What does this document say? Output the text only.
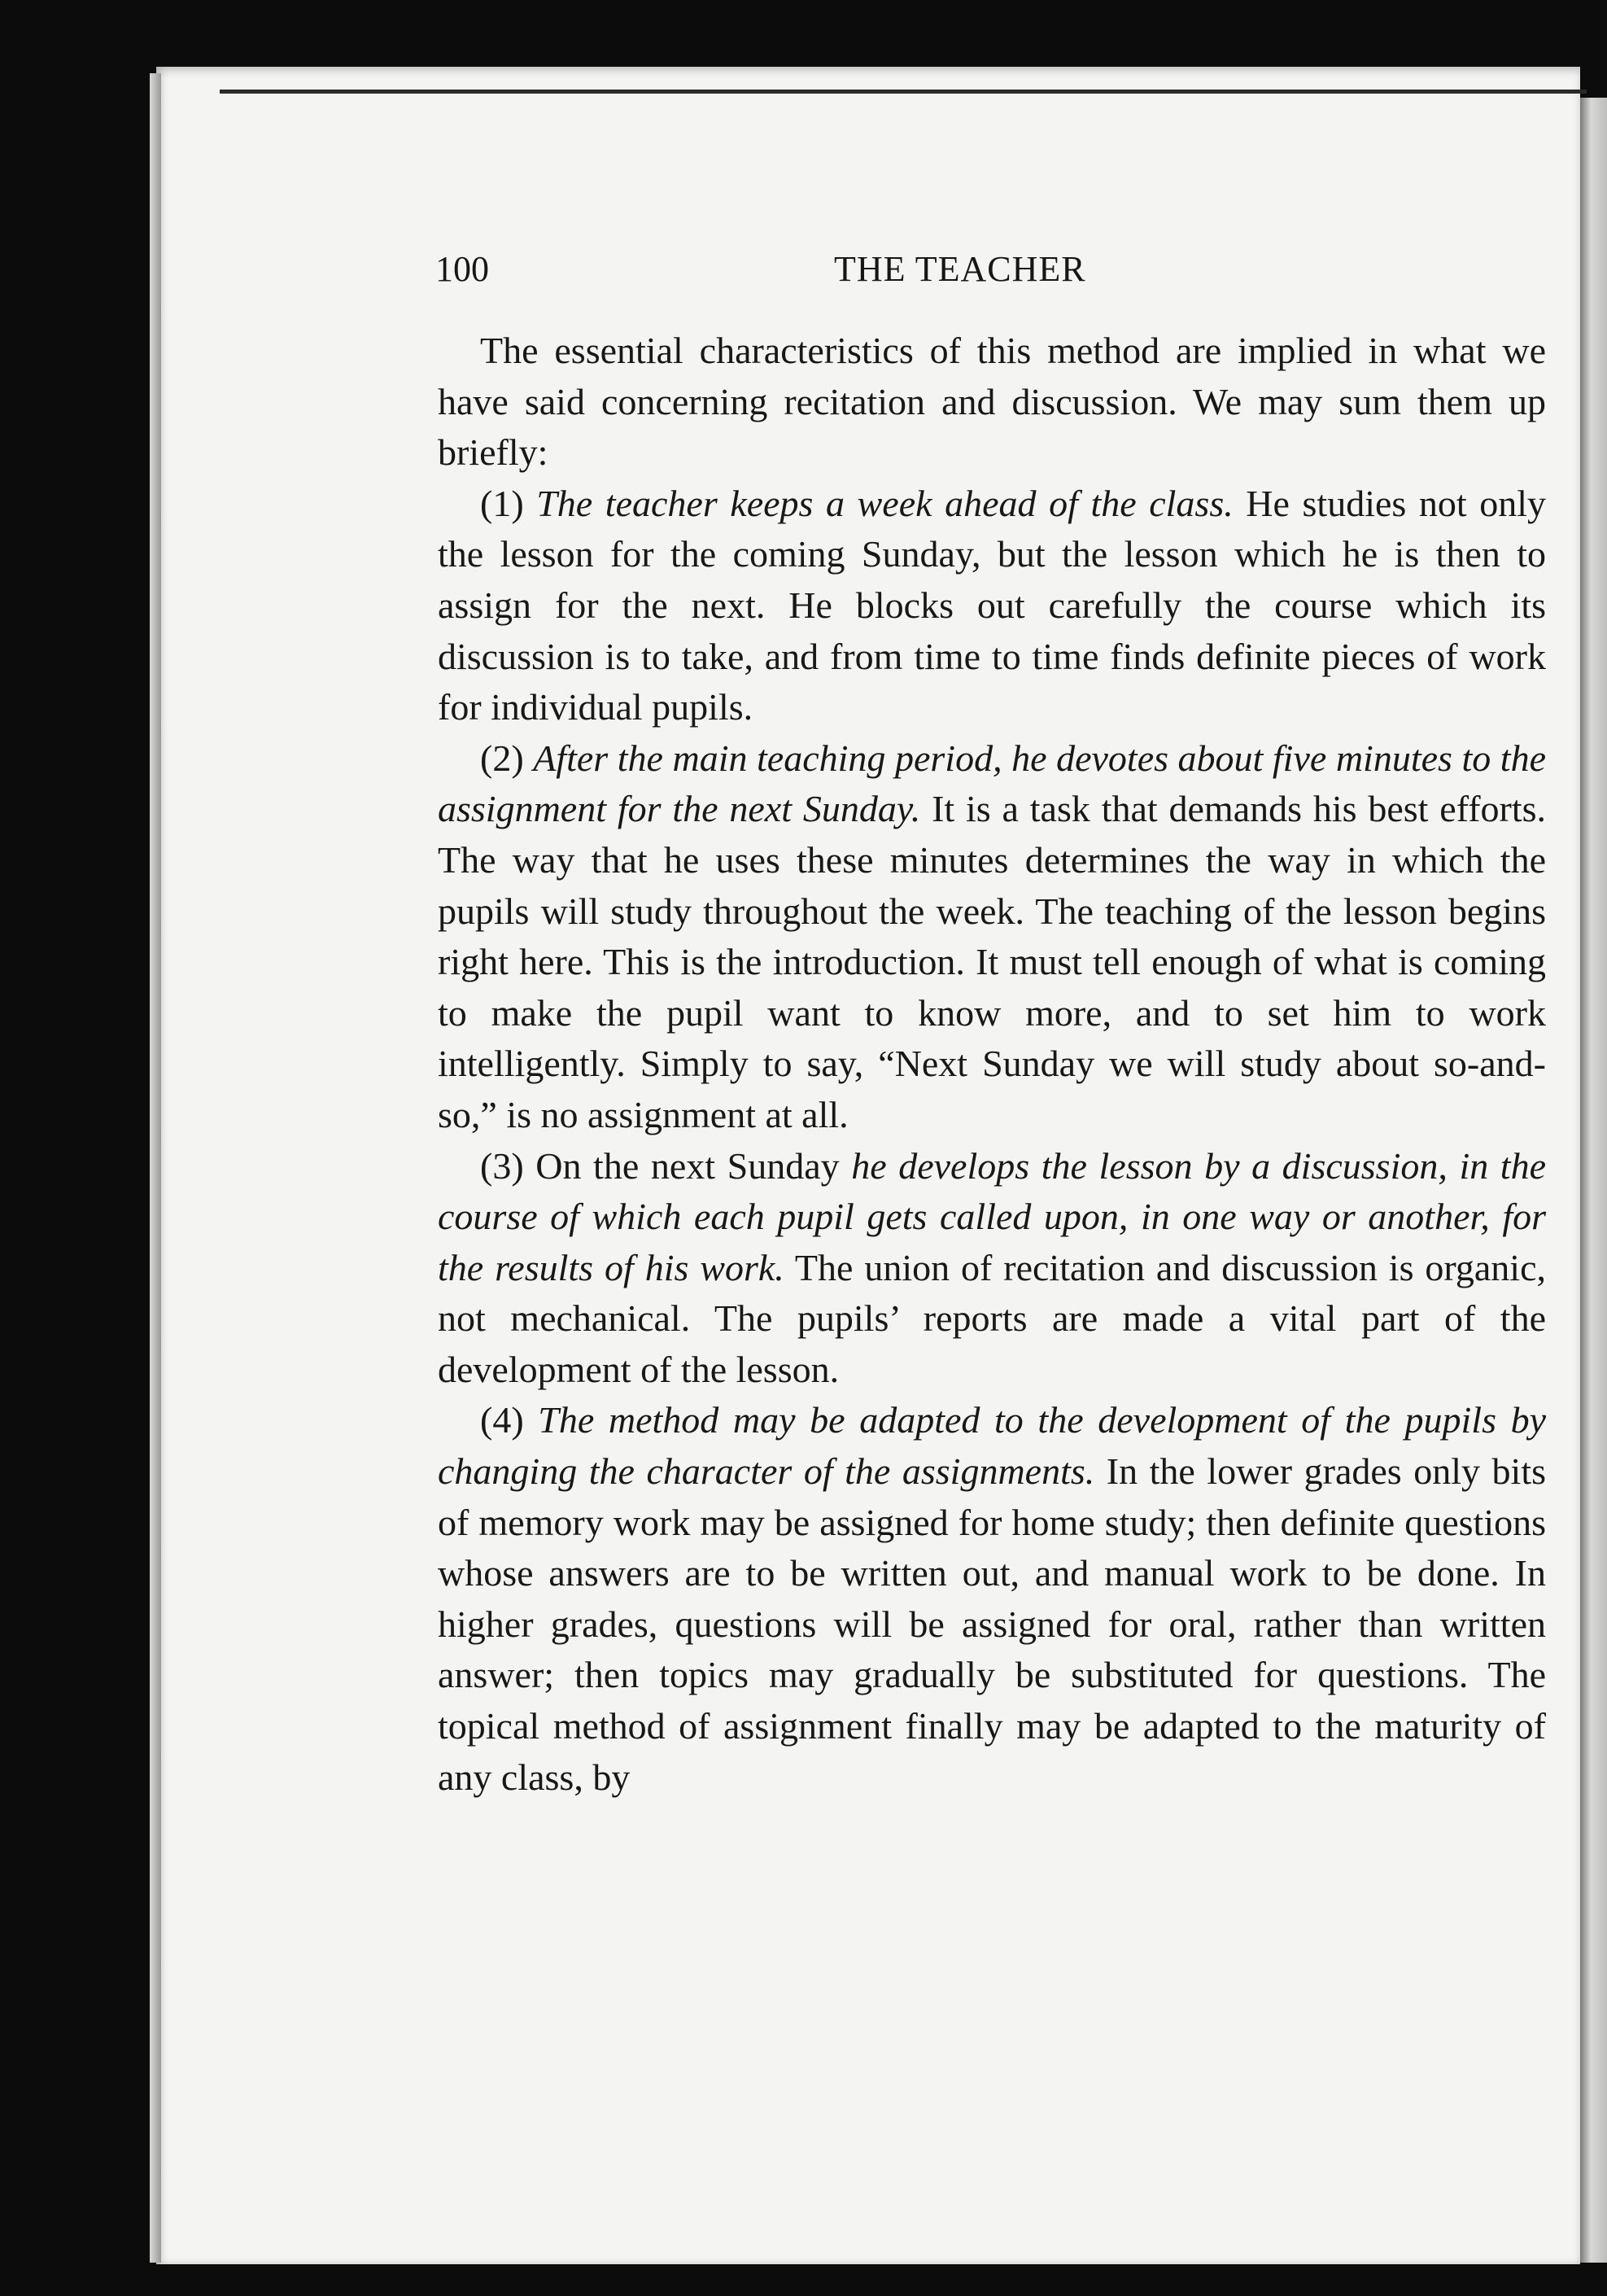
100	THE TEACHER

The essential characteristics of this method are implied in what we have said concerning recitation and discussion. We may sum them up briefly:

(1) The teacher keeps a week ahead of the class. He studies not only the lesson for the coming Sunday, but the lesson which he is then to assign for the next. He blocks out carefully the course which its discussion is to take, and from time to time finds definite pieces of work for individual pupils.

(2) After the main teaching period, he devotes about five minutes to the assignment for the next Sunday. It is a task that demands his best efforts. The way that he uses these minutes determines the way in which the pupils will study throughout the week. The teaching of the lesson begins right here. This is the introduction. It must tell enough of what is coming to make the pupil want to know more, and to set him to work intelligently. Simply to say, “Next Sunday we will study about so-and-so,” is no assignment at all.

(3) On the next Sunday he develops the lesson by a discussion, in the course of which each pupil gets called upon, in one way or another, for the results of his work. The union of recitation and discussion is organic, not mechanical. The pupils’ reports are made a vital part of the development of the lesson.

(4) The method may be adapted to the development of the pupils by changing the character of the assignments. In the lower grades only bits of memory work may be assigned for home study; then definite questions whose answers are to be written out, and manual work to be done. In higher grades, questions will be assigned for oral, rather than written answer; then topics may gradually be substituted for questions. The topical method of assignment finally may be adapted to the maturity of any class, by
